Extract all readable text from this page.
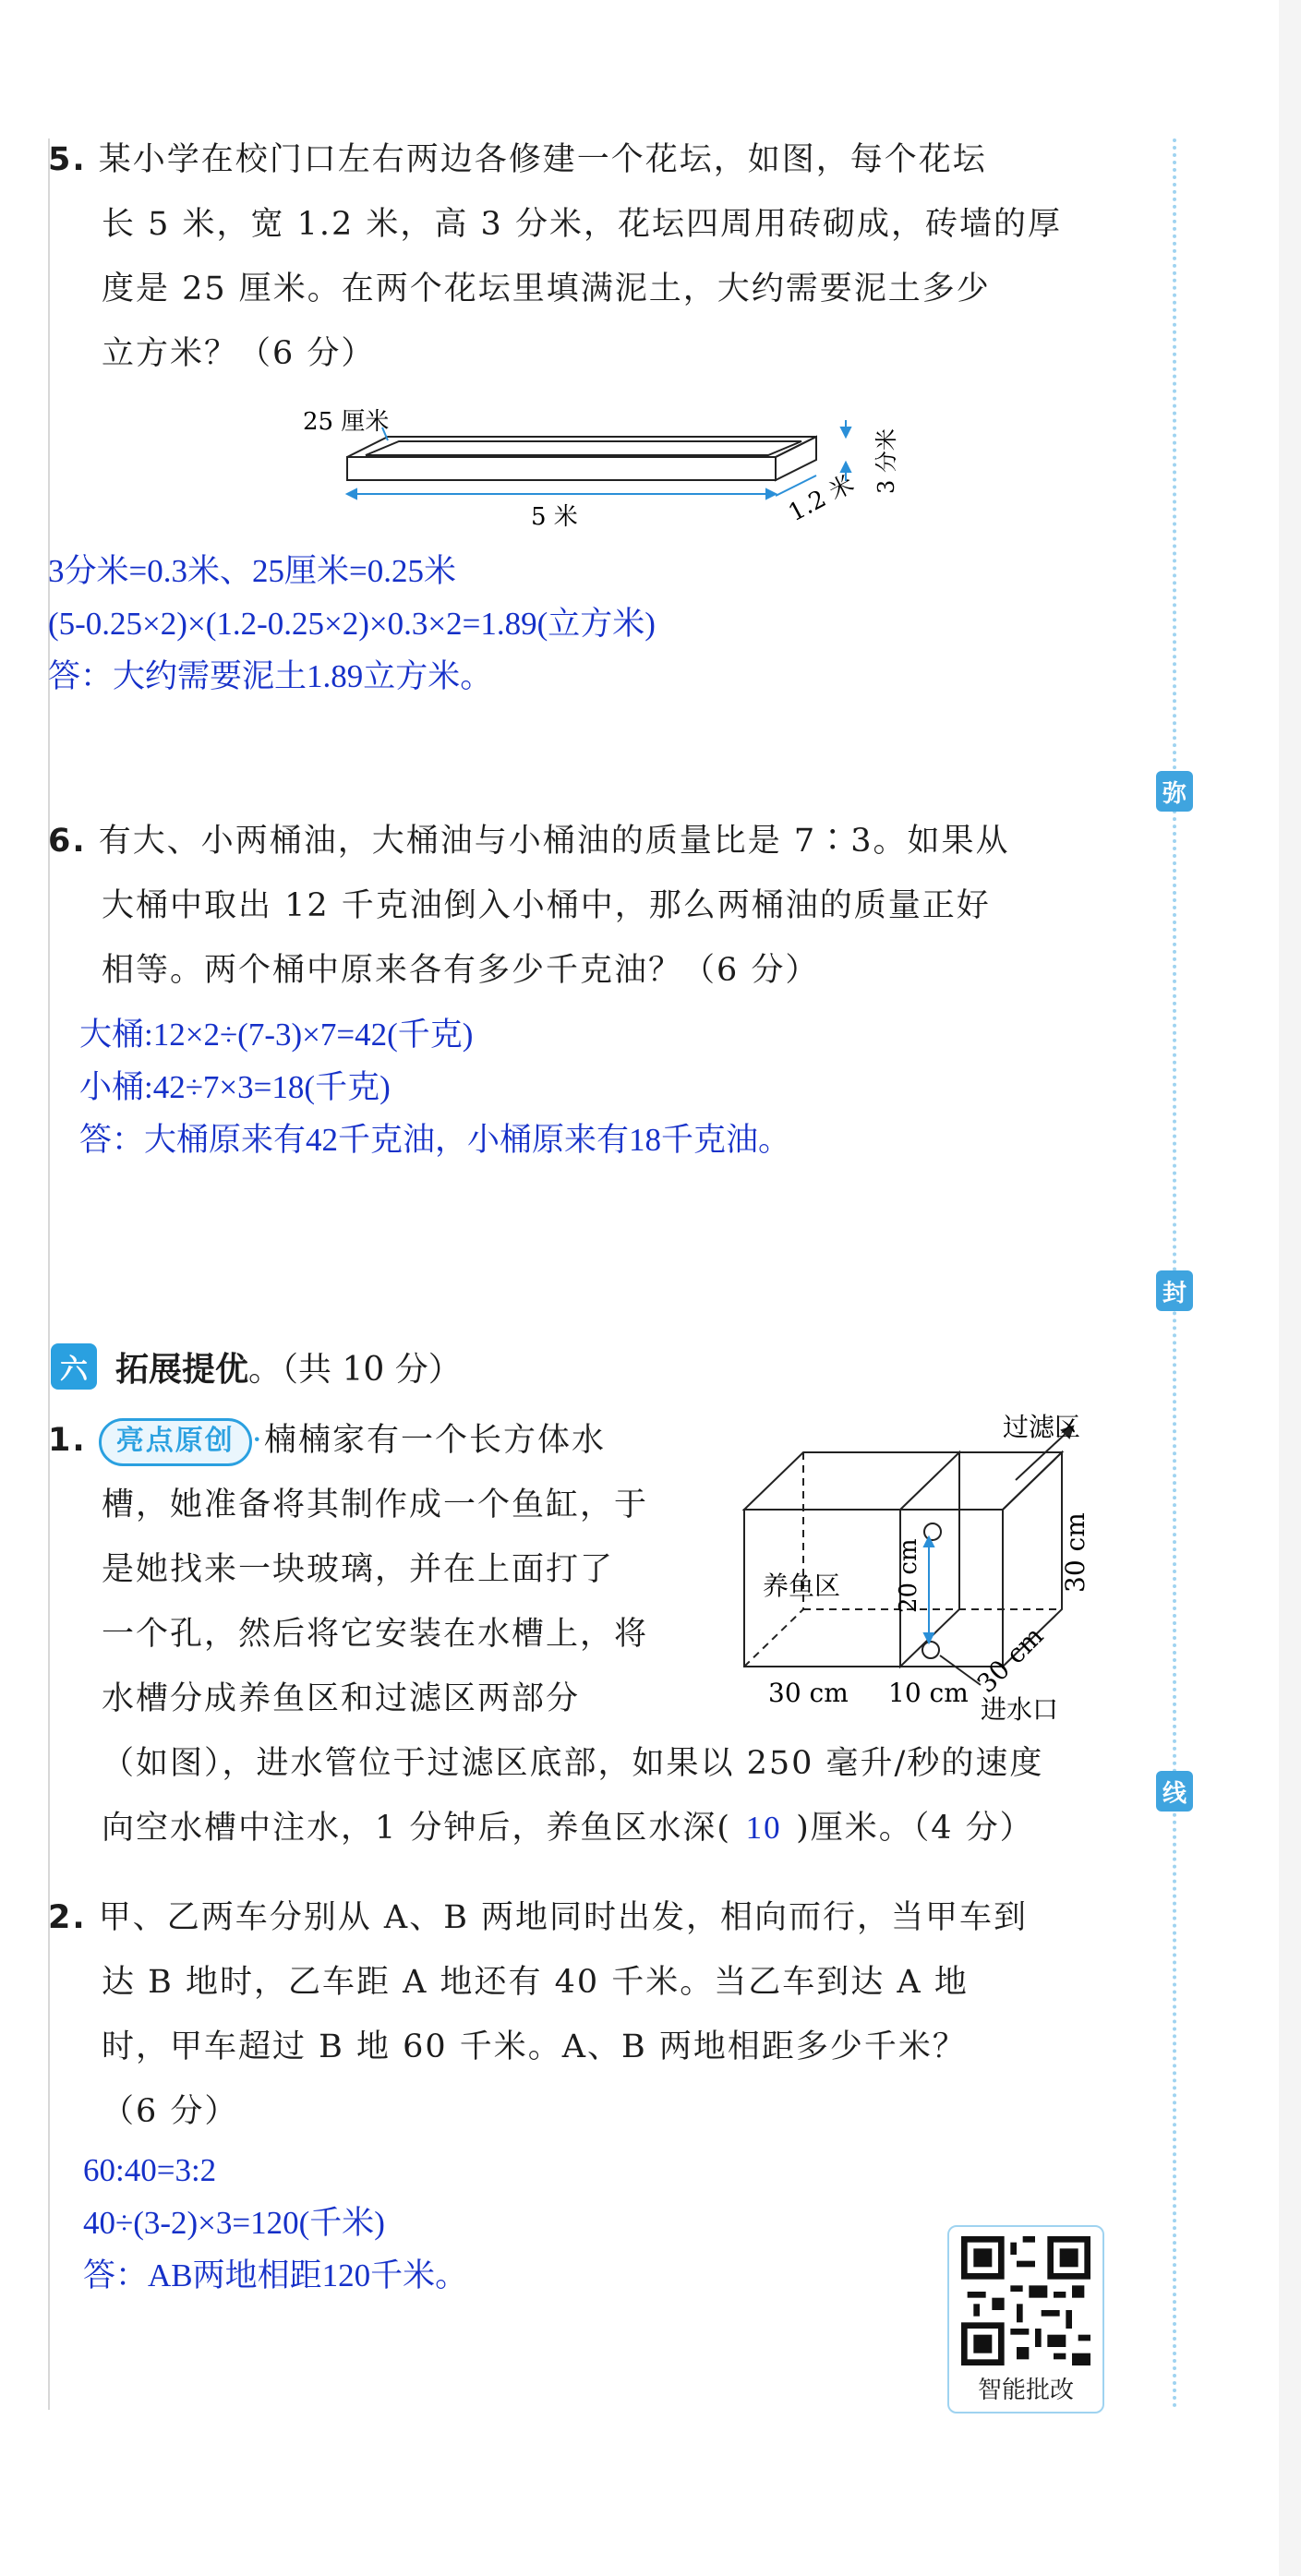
弥
封
线
5. 某小学在校门口左右两边各修建一个花坛，如图，每个花坛
长 5 米，宽 1.2 米，高 3 分米，花坛四周用砖砌成，砖墙的厚
度是 25 厘米。在两个花坛里填满泥土，大约需要泥土多少
立方米？（6 分）
25 厘米
5 米	1.2 米
3 分米
3分米=0.3米、25厘米=0.25米
(5-0.25×2)×(1.2-0.25×2)×0.3×2=1.89(立方米)
答：大约需要泥土1.89立方米。
6. 有大、小两桶油，大桶油与小桶油的质量比是 7∶3。如果从
大桶中取出 12 千克油倒入小桶中，那么两桶油的质量正好
相等。两个桶中原来各有多少千克油？（6 分）
大桶:12×2÷(7-3)×7=42(千克)
小桶:42÷7×3=18(千克)
答：大桶原来有42千克油，小桶原来有18千克油。
六 拓展提优 。（共 10 分）
1. 亮点原创 ·楠楠家有一个长方体水
槽，她准备将其制作成一个鱼缸，于
是她找来一块玻璃，并在上面打了
一个孔，然后将它安装在水槽上，将
水槽分成养鱼区和过滤区两部分
（如图），进水管位于过滤区底部，如果以 250 毫升/秒的速度
向空水槽中注水，1 分钟后，养鱼区水深( 10 )厘米。（4 分）
过滤区
养鱼区
30 cm 10 cm 30 cm
30 cm
20 cm
进水口
2. 甲、乙两车分别从 A、B 两地同时出发，相向而行，当甲车到
达 B 地时，乙车距 A 地还有 40 千米。当乙车到达 A 地
时，甲车超过 B 地 60 千米。A、B 两地相距多少千米？
（6 分）
60:40=3:2
40÷(3-2)×3=120(千米)
答：AB两地相距120千米。
智能批改
